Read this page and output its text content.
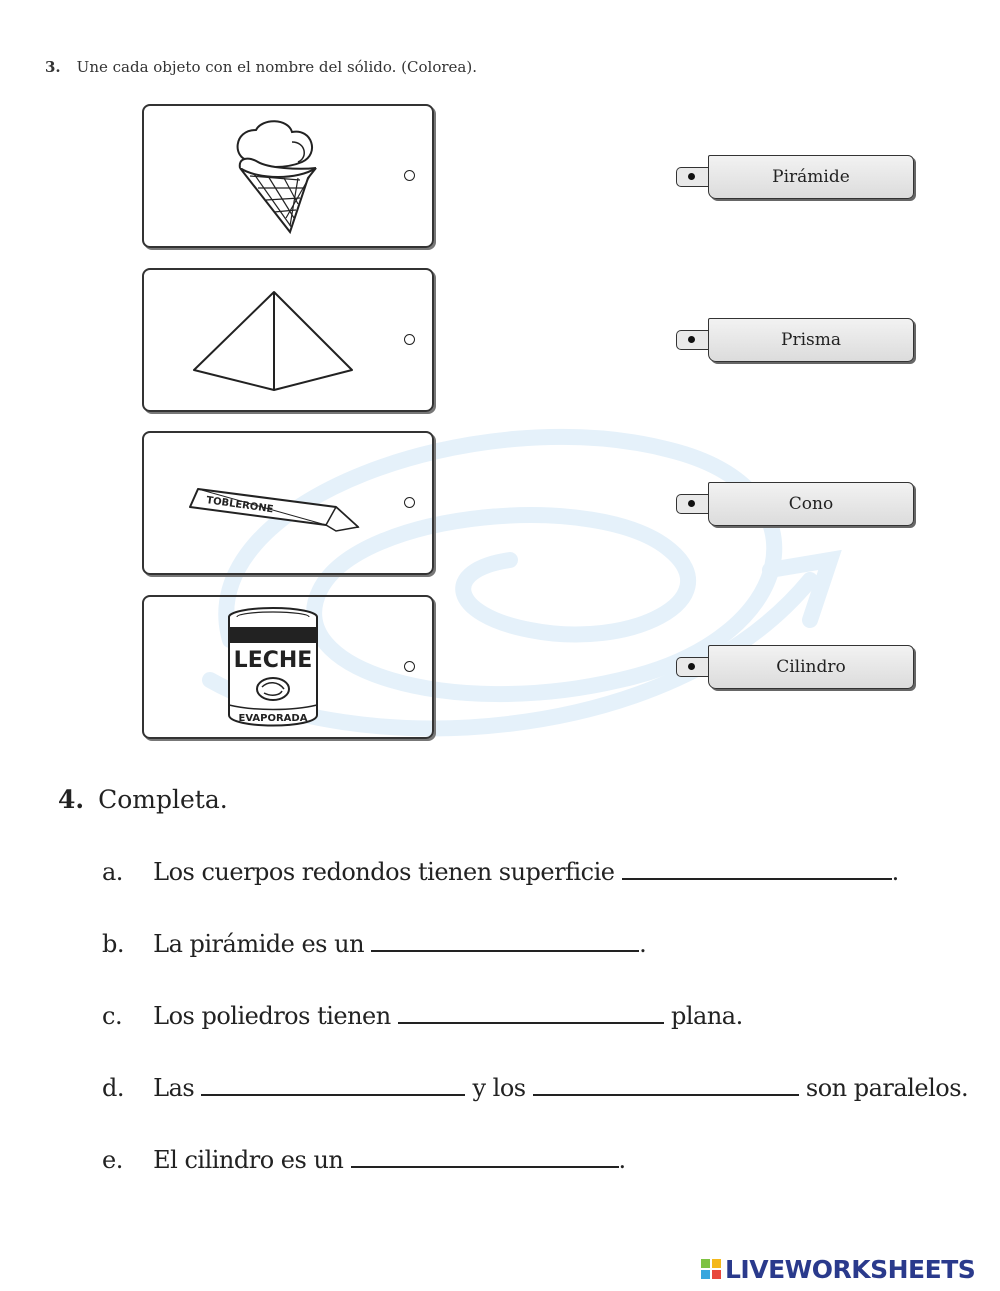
3. Une cada objeto con el nombre del sólido. (Colorea).
TOBLERONE
LECHE
EVAPORADA
Pirámide
Prisma
Cono
Cilindro
4. Completa.
a. Los cuerpos redondos tienen superficie	.
b. La pirámide es un	.
c. Los poliedros tienen	plana.
d. Las	y los	son paralelos.
e. El cilindro es un	.
LIVEWORKSHEETS
